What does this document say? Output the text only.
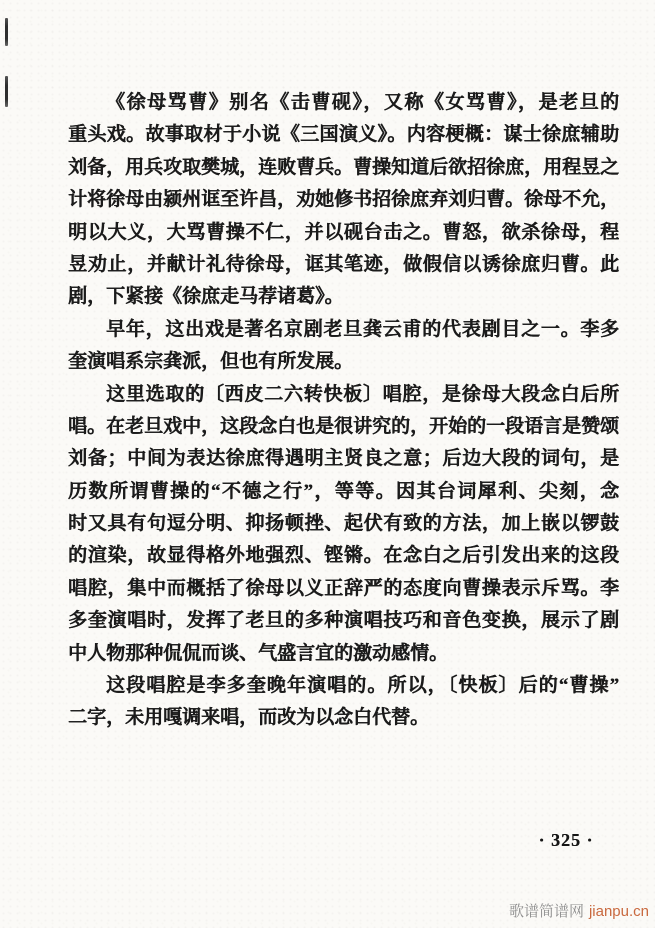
《徐母骂曹》别名《击曹砚》，又称《女骂曹》，是老旦的

重头戏。故事取材于小说《三国演义》。内容梗概：谋士徐庶辅助

刘备，用兵攻取樊城，连败曹兵。曹操知道后欲招徐庶，用程昱之

计将徐母由颍州诓至许昌，劝她修书招徐庶弃刘归曹。徐母不允，

明以大义，大骂曹操不仁，并以砚台击之。曹怒，欲杀徐母，程

昱劝止，并献计礼待徐母，诓其笔迹，做假信以诱徐庶归曹。此

剧，下紧接《徐庶走马荐诸葛》。

早年，这出戏是著名京剧老旦龚云甫的代表剧目之一。李多

奎演唱系宗龚派，但也有所发展。

这里选取的〔西皮二六转快板〕唱腔，是徐母大段念白后所

唱。在老旦戏中，这段念白也是很讲究的，开始的一段语言是赞颂

刘备；中间为表达徐庶得遇明主贤良之意；后边大段的词句，是

历数所谓曹操的“不德之行”，等等。因其台词犀利、尖刻，念

时又具有句逗分明、抑扬顿挫、起伏有致的方法，加上嵌以锣鼓

的渲染，故显得格外地强烈、铿锵。在念白之后引发出来的这段

唱腔，集中而概括了徐母以义正辞严的态度向曹操表示斥骂。李

多奎演唱时，发挥了老旦的多种演唱技巧和音色变换，展示了剧

中人物那种侃侃而谈、气盛言宜的激动感情。

这段唱腔是李多奎晚年演唱的。所以，〔快板〕后的“曹操”

二字，未用嘎调来唱，而改为以念白代替。

· 325 ·
歌谱简谱网 jianpu.cn
